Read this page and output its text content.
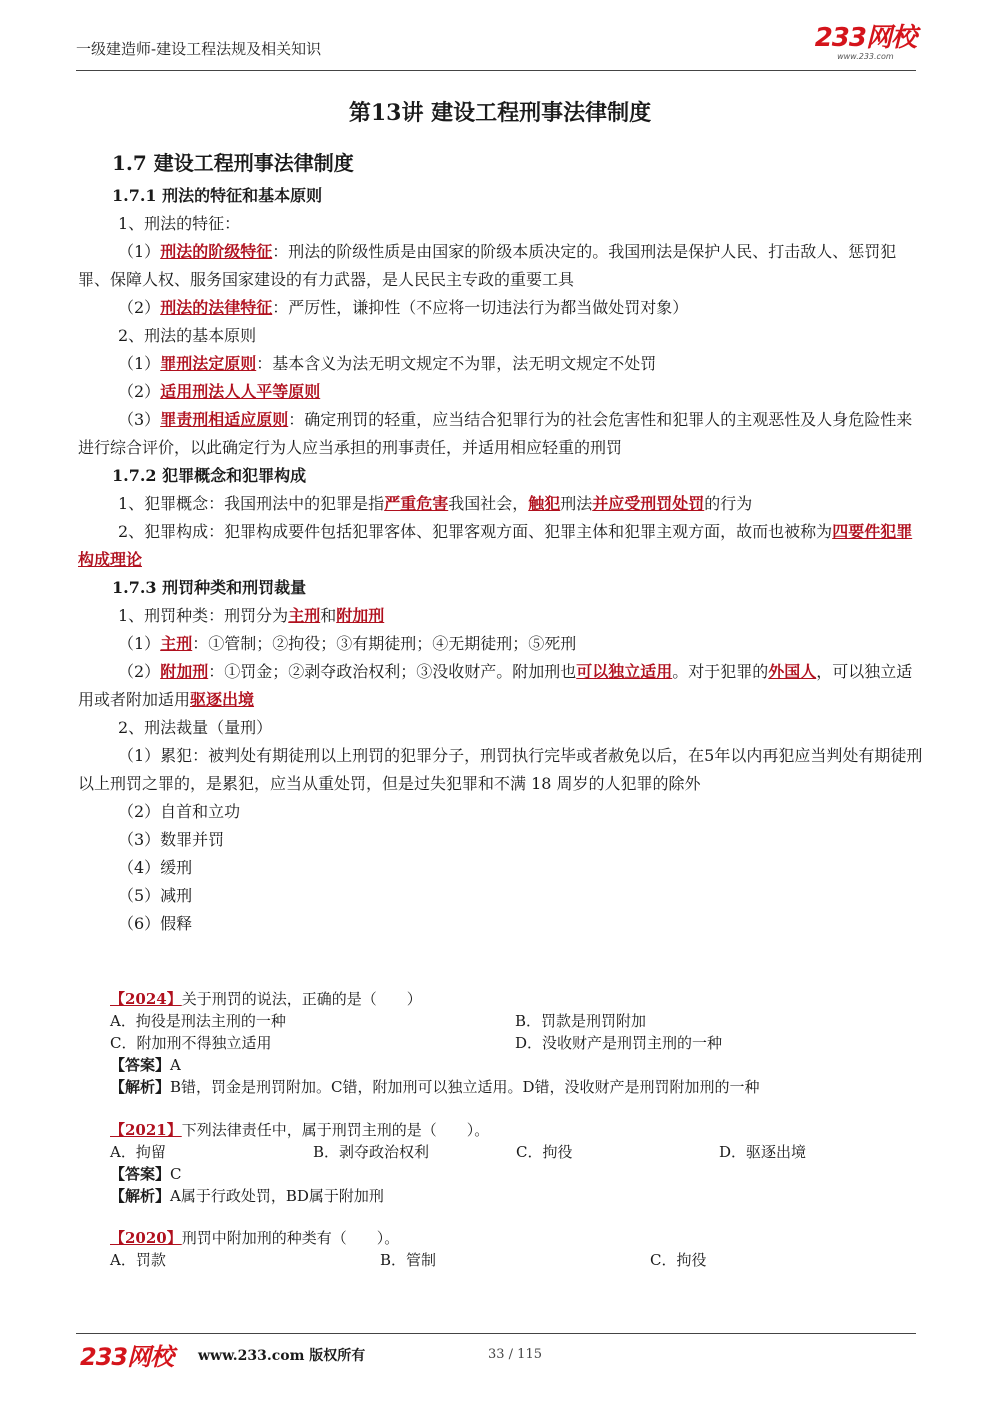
一级建造师-建设工程法规及相关知识	233网校
www.233.com
第13讲 建设工程刑事法律制度
1.7 建设工程刑事法律制度
1.7.1 刑法的特征和基本原则
1、刑法的特征：
（1）刑法的阶级特征：刑法的阶级性质是由国家的阶级本质决定的。我国刑法是保护人民、打击敌人、惩罚犯罪、保障人权、服务国家建设的有力武器，是人民民主专政的重要工具
（2）刑法的法律特征：严厉性，谦抑性（不应将一切违法行为都当做处罚对象）
2、刑法的基本原则
（1）罪刑法定原则：基本含义为法无明文规定不为罪，法无明文规定不处罚
（2）适用刑法人人平等原则
（3）罪责刑相适应原则：确定刑罚的轻重，应当结合犯罪行为的社会危害性和犯罪人的主观恶性及人身危险性来进行综合评价，以此确定行为人应当承担的刑事责任，并适用相应轻重的刑罚
1.7.2 犯罪概念和犯罪构成
1、犯罪概念：我国刑法中的犯罪是指严重危害我国社会，触犯刑法并应受刑罚处罚的行为
2、犯罪构成：犯罪构成要件包括犯罪客体、犯罪客观方面、犯罪主体和犯罪主观方面，故而也被称为四要件犯罪构成理论
1.7.3 刑罚种类和刑罚裁量
1、刑罚种类：刑罚分为主刑和附加刑
（1）主刑：①管制；②拘役；③有期徒刑；④无期徒刑；⑤死刑
（2）附加刑：①罚金；②剥夺政治权利；③没收财产。附加刑也可以独立适用。对于犯罪的外国人，可以独立适用或者附加适用驱逐出境
2、刑法裁量（量刑）
（1）累犯：被判处有期徒刑以上刑罚的犯罪分子，刑罚执行完毕或者赦免以后，在5年以内再犯应当判处有期徒刑以上刑罚之罪的，是累犯，应当从重处罚，但是过失犯罪和不满 18 周岁的人犯罪的除外
（2）自首和立功
（3）数罪并罚
（4）缓刑
（5）减刑
（6）假释
【2024】关于刑罚的说法，正确的是（　　）
A．拘役是刑法主刑的一种	B．罚款是刑罚附加
C．附加刑不得独立适用	D．没收财产是刑罚主刑的一种
【答案】A
【解析】B错，罚金是刑罚附加。C错，附加刑可以独立适用。D错，没收财产是刑罚附加刑的一种
【2021】下列法律责任中，属于刑罚主刑的是（　　）。
A．拘留	B．剥夺政治权利	C．拘役	D．驱逐出境
【答案】C
【解析】A属于行政处罚，BD属于附加刑
【2020】刑罚中附加刑的种类有（　　）。
A．罚款	B．管制	C．拘役
233网校 www.233.com 版权所有	33 / 115
